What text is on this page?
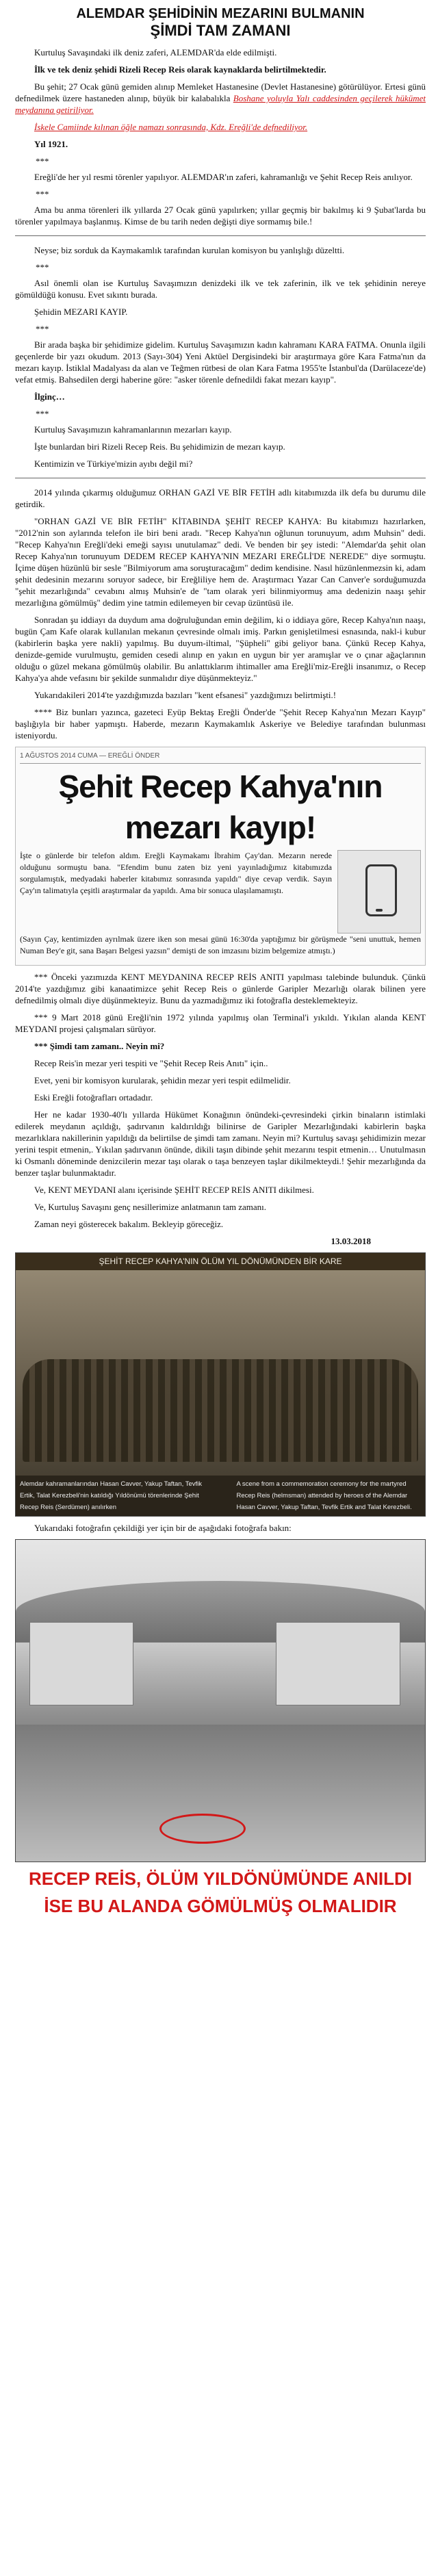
ALEMDAR ŞEHİDİNİN MEZARINI BULMANIN
ŞİMDİ TAM ZAMANI

Kurtuluş Savaşındaki ilk deniz zaferi, ALEMDAR'da elde edilmişti.

İlk ve tek deniz şehidi Rizeli Recep Reis olarak kaynaklarda belirtilmektedir.

Bu şehit; 27 Ocak günü gemiden alınıp Memleket Hastanesine (Devlet Hastanesine) götürülüyor. Ertesi günü defnedilmek üzere hastaneden alınıp, büyük bir kalabalıkla Boshane yoluyla Yalı caddesinden geçilerek hükümet meydanına getiriliyor.

İskele Camiinde kılınan öğle namazı sonrasında, Kdz. Ereğli'de defnediliyor.

Yıl 1921.

***

Ereğli'de her yıl resmi törenler yapılıyor. ALEMDAR'ın zaferi, kahramanlığı ve Şehit Recep Reis anılıyor.

***

Ama bu anma törenleri ilk yıllarda 27 Ocak günü yapılırken; yıllar geçmiş bir bakılmış ki 9 Şubat'larda bu törenler yapılmaya başlanmış. Kimse de bu tarih neden değişti diye sormamış bile.!

Neyse; biz sorduk da Kaymakamlık tarafından kurulan komisyon bu yanlışlığı düzeltti.

***

Asıl önemli olan ise Kurtuluş Savaşımızın denizdeki ilk ve tek zaferinin, ilk ve tek şehidinin nereye gömüldüğü konusu. Evet sıkıntı burada.

Şehidin MEZARI KAYIP.

***

Bir arada başka bir şehidimize gidelim. Kurtuluş Savaşımızın kadın kahramanı KARA FATMA. Onunla ilgili geçenlerde bir yazı okudum. 2013 (Sayı-304) Yeni Aktüel Dergisindeki bir araştırmaya göre Kara Fatma'nın da mezarı kayıp. İstiklal Madalyası da alan ve Teğmen rütbesi de olan Kara Fatma 1955'te İstanbul'da (Darülaceze'de) vefat etmiş. Bahsedilen dergi haberine göre: "asker törenle defnedildi fakat mezarı kayıp".

İlginç…

***

Kurtuluş Savaşımızın kahramanlarının mezarları kayıp.

İşte bunlardan biri Rizeli Recep Reis. Bu şehidimizin de mezarı kayıp.

Kentimizin ve Türkiye'mizin ayıbı değil mi?

2014 yılında çıkarmış olduğumuz ORHAN GAZİ VE BİR FETİH adlı kitabımızda ilk defa bu durumu dile getirdik.

"ORHAN GAZİ VE BİR FETİH" KİTABINDA ŞEHİT RECEP KAHYA: Bu kitabımızı hazırlarken, "2012'nin son aylarında telefon ile biri beni aradı. "Recep Kahya'nın oğlunun torunuyum, adım Muhsin" dedi. "Recep Kahya'nın Ereğli'deki emeği sayısı unutulamaz" dedi. Ve benden bir şey istedi: "Alemdar'da şehit olan Recep Kahya'nın torunuyum DEDEM RECEP KAHYA'NIN MEZARI EREĞLİ'DE NEREDE" diye sormuştu. İçime düşen hüzünlü bir sesle "Bilmiyorum ama soruşturacağım" dedim kendisine. Nasıl hüzünlenmezsin ki, adam şehit dedesinin mezarını soruyor sadece, bir Ereğliliye hem de. Araştırmacı Yazar Can Canver'e sorduğumuzda "şehit mezarlığında" cevabını almış Muhsin'e de "tam olarak yeri bilinmiyormuş ama dedenizin naaşı şehir mezarlığına gömülmüş" dedim yine tatmin edilemeyen bir cevap üzüntüsü ile.

Sonradan şu iddiayı da duydum ama doğruluğundan emin değilim, ki o iddiaya göre, Recep Kahya'nın naaşı, bugün Çam Kafe olarak kullanılan mekanın çevresinde olmalı imiş. Parkın genişletilmesi esnasında, nakl-i kubur (kabirlerin başka yere nakli) yapılmış. Bu duyum-iltimal, "Şüpheli" gibi geliyor bana. Çünkü Recep Kahya, denizde-gemide vurulmuştu, gemiden cesedi alınıp en yakın en uygun bir yer aramışlar ve o çınar ağaçlarının olduğu o güzel mekana gömülmüş olabilir. Bu anlattıklarım ihtimaller ama Ereğli'miz-Ereğli insanımız, o Recep Kahya'ya ahde vefasını bir şekilde sunmalıdır diye düşünmekteyiz."

Yukarıdakileri 2014'te yazdığımızda bazıları "kent efsanesi" yazdığımızı belirtmişti.!

**** Biz bunları yazınca, gazeteci Eyüp Bektaş Ereğli Önder'de "Şehit Recep Kahya'nın Mezarı Kayıp" başlığıyla bir haber yapmıştı. Haberde, mezarın Kaymakamlık Askeriye ve Belediye tarafından bulunması isteniyordu.

1 AĞUSTOS 2014 CUMA — EREĞLİ ÖNDER
Şehit Recep Kahya'nın
mezarı kayıp!

İşte o günlerde bir telefon aldım. Ereğli Kaymakamı İbrahim Çay'dan. Mezarın nerede olduğunu sormuştu bana. "Efendim bunu zaten biz yeni yayınladığımız kitabımızda sorgulamıştık, medyadaki haberler kitabımız sonrasında yapıldı" diye cevap verdik. Sayın Çay'ın talimatıyla çeşitli araştırmalar da yapıldı. Ama bir sonuca ulaşılamamıştı.

(Sayın Çay, kentimizden ayrılmak üzere iken son mesai günü 16:30'da yaptığımız bir görüşmede "seni unuttuk, hemen Numan Bey'e git, sana Başarı Belgesi yazsın" demişti de son imzasını bizim belgemize atmıştı.)

*** Önceki yazımızda KENT MEYDANINA RECEP REİS ANITI yapılması talebinde bulunduk. Çünkü 2014'te yazdığımız gibi kanaatimizce şehit Recep Reis o günlerde Garipler Mezarlığı olarak bilinen yere defnedilmiş olmalı diye düşünmekteyiz. Bunu da yazmadığımız iki fotoğrafla desteklemekteyiz.

*** 9 Mart 2018 günü Ereğli'nin 1972 yılında yapılmış olan Terminal'i yıkıldı. Yıkılan alanda KENT MEYDANI projesi çalışmaları sürüyor.

*** Şimdi tam zamanı.. Neyin mi?

Recep Reis'in mezar yeri tespiti ve "Şehit Recep Reis Anıtı" için..

Evet, yeni bir komisyon kurularak, şehidin mezar yeri tespit edilmelidir.

Eski Ereğli fotoğrafları ortadadır.

Her ne kadar 1930-40'lı yıllarda Hükümet Konağının önündeki-çevresindeki çirkin binaların istimlaki edilerek meydanın açıldığı, şadırvanın kaldırıldığı bilinirse de Garipler Mezarlığındaki kabirlerin başka mezarlıklara nakillerinin yapıldığı da belirtilse de şimdi tam zamanı. Neyin mi? Kurtuluş savaşı şehidimizin mezar yerini tespit etmenin,. Yıkılan şadırvanın önünde, dikili taşın dibinde şehit mezarını tespit etmenin… Unutulmasın ki Osmanlı döneminde denizcilerin mezar taşı olarak o taşa benzeyen taşlar dikilmekteydi.! Şehir mezarlığında da benzer taşlar bulunmaktadır.

Ve, KENT MEYDANI alanı içerisinde ŞEHİT RECEP REİS ANITI dikilmesi.

Ve, Kurtuluş Savaşını genç nesillerimize anlatmanın tam zamanı.

Zaman neyi gösterecek bakalım. Bekleyip göreceğiz.

13.03.2018
ŞEHİT RECEP KAHYA'NIN ÖLÜM YIL DÖNÜMÜNDEN BİR KARE
Alemdar kahramanlarından Hasan Cavver, Yakup Taftan, Tevfik Ertik, Talat Kerezbeli'nin katıldığı Yıldönümü törenlerinde Şehit Recep Reis (Serdümen) anılırken
A scene from a commemoration ceremony for the martyred Recep Reis (helmsman) attended by heroes of the Alemdar Hasan Cavver, Yakup Taftan, Tevfik Ertik and Talat Kerezbeli.

Yukarıdaki fotoğrafın çekildiği yer için bir de aşağıdaki fotoğrafa bakın:

RECEP REİS, ÖLÜM YILDÖNÜMÜNDE ANILDI
İSE BU ALANDA GÖMÜLMÜŞ OLMALIDIR
